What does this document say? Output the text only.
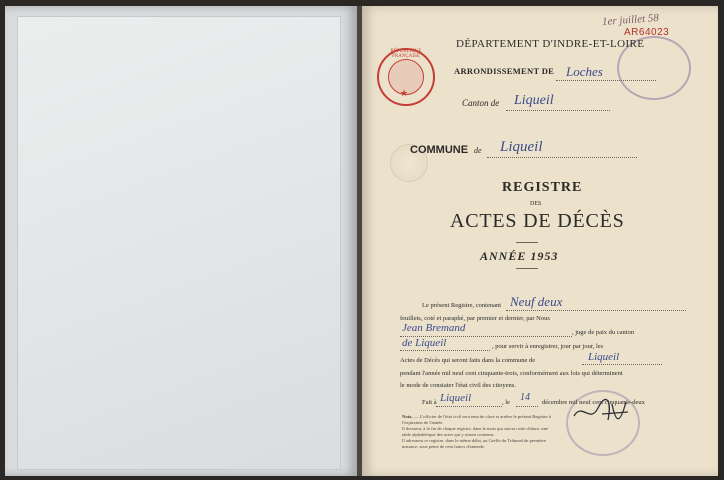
1er juillet 58
AR64023
RÉPUBLIQUE FRANÇAISE
★
DÉPARTEMENT D'INDRE-ET-LOIRE
ARRONDISSEMENT DE Loches
Canton de Liqueil
COMMUNE de Liqueil
REGISTRE
DES
ACTES DE DÉCÈS
ANNÉE 1953
Le présent Registre, contenant Neuf deux
feuillets, coté et paraphé, par premier et dernier, par Nous
Jean Bremand	, juge de paix du canton
de Liqueil	, pour servir à enregistrer, jour par jour, les
Actes de Décès qui seront faits dans la commune de	Liqueil
pendant l'année mil neuf cent cinquante-trois, conformément aux lois qui déterminent
le mode de constater l'état civil des citoyens.
Fait à Liqueil	, le 14 décembre mil neuf cent cinquante-deux
Nota. — L'officier de l'état civil sera tenu de clore et arrêter le présent Registre à l'expiration de l'année.
Il dressera, à la fin de chaque registre, dans le mois qui suivra cette clôture, une table alphabétique des actes qui y seront contenus.
Il adressera ce registre, dans le même délai, au Greffe du Tribunal de première instance, sous peine de cent francs d'amende.
